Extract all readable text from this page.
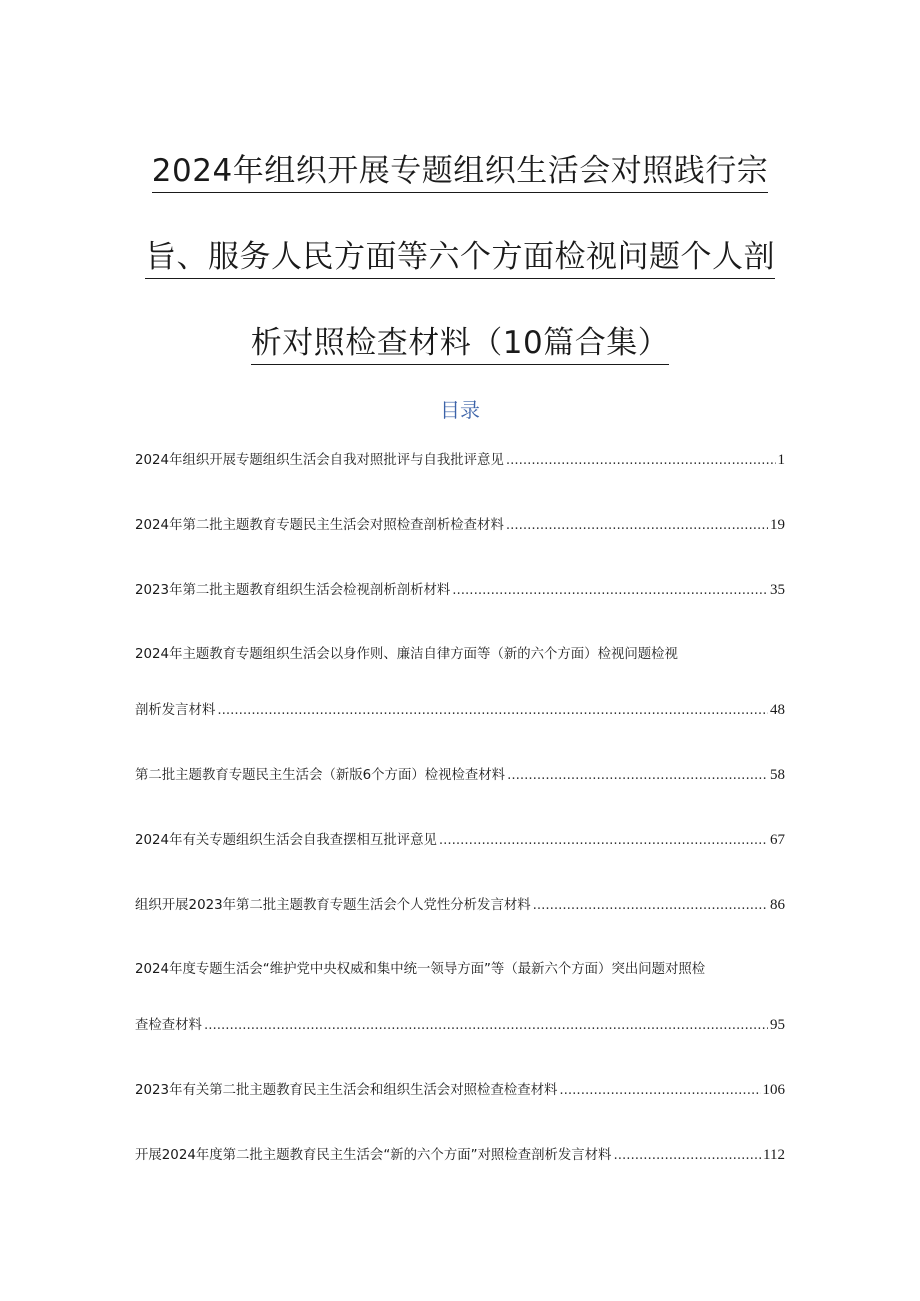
2024年组织开展专题组织生活会对照践行宗
旨、服务人民方面等六个方面检视问题个人剖
析对照检查材料（10篇合集）
目录
2024年组织开展专题组织生活会自我对照批评与自我批评意见 .....	1
2024年第二批主题教育专题民主生活会对照检查剖析检查材料 .....	19
2023年第二批主题教育组织生活会检视剖析剖析材料 .....	35
2024年主题教育专题组织生活会以身作则、廉洁自律方面等（新的六个方面）检视问题检视
剖析发言材料 .....	48
第二批主题教育专题民主生活会（新版6个方面）检视检查材料 .....	58
2024年有关专题组织生活会自我查摆相互批评意见 .....	67
组织开展2023年第二批主题教育专题生活会个人党性分析发言材料 .....	86
2024年度专题生活会“维护党中央权威和集中统一领导方面”等（最新六个方面）突出问题对照检
查检查材料 .....	95
2023年有关第二批主题教育民主生活会和组织生活会对照检查检查材料 .....	106
开展2024年度第二批主题教育民主生活会“新的六个方面”对照检查剖析发言材料 .....	112
